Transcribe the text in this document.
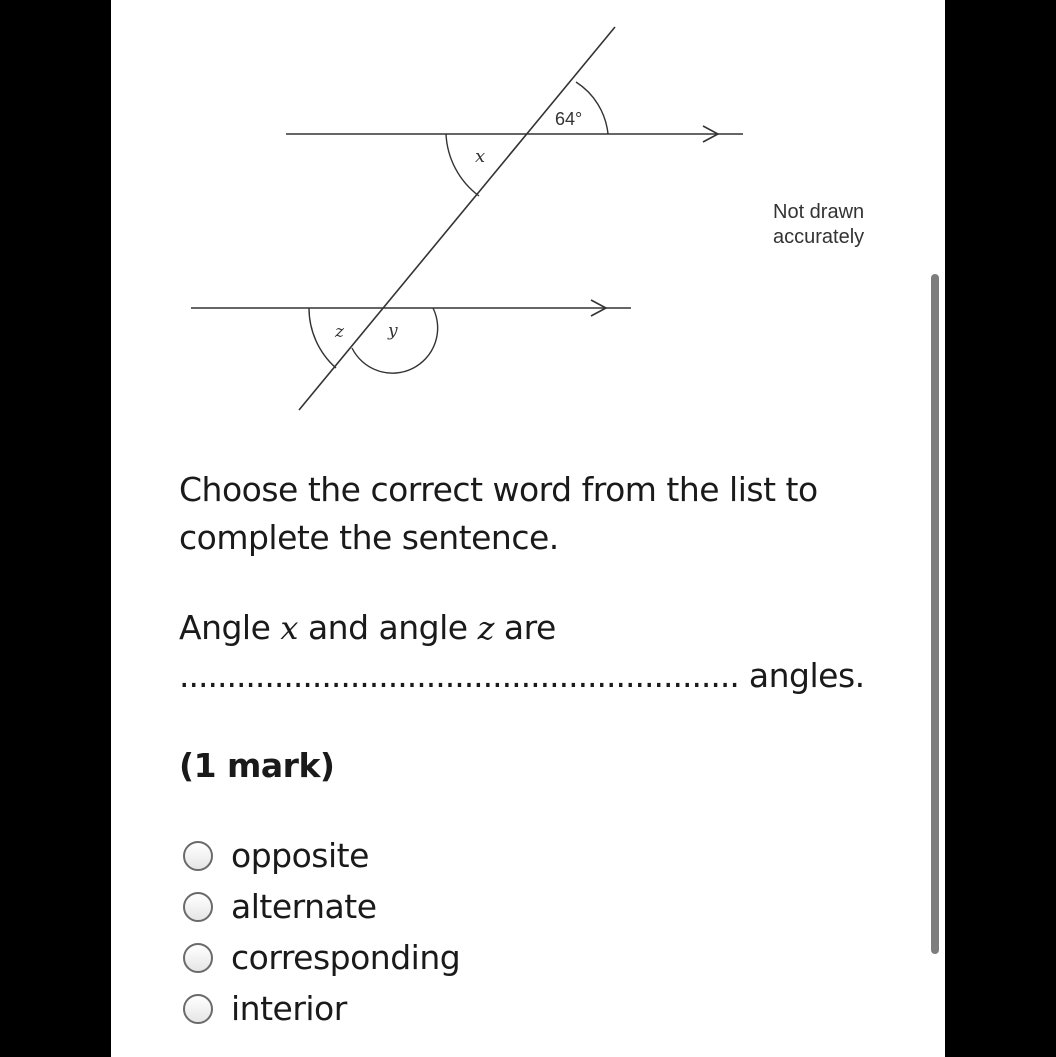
64°
x
z	y
Not drawn
accurately
Choose the correct word from the list to complete the sentence.
Angle x and angle z are
........................................................... angles.
(1 mark)
opposite
alternate
corresponding
interior
